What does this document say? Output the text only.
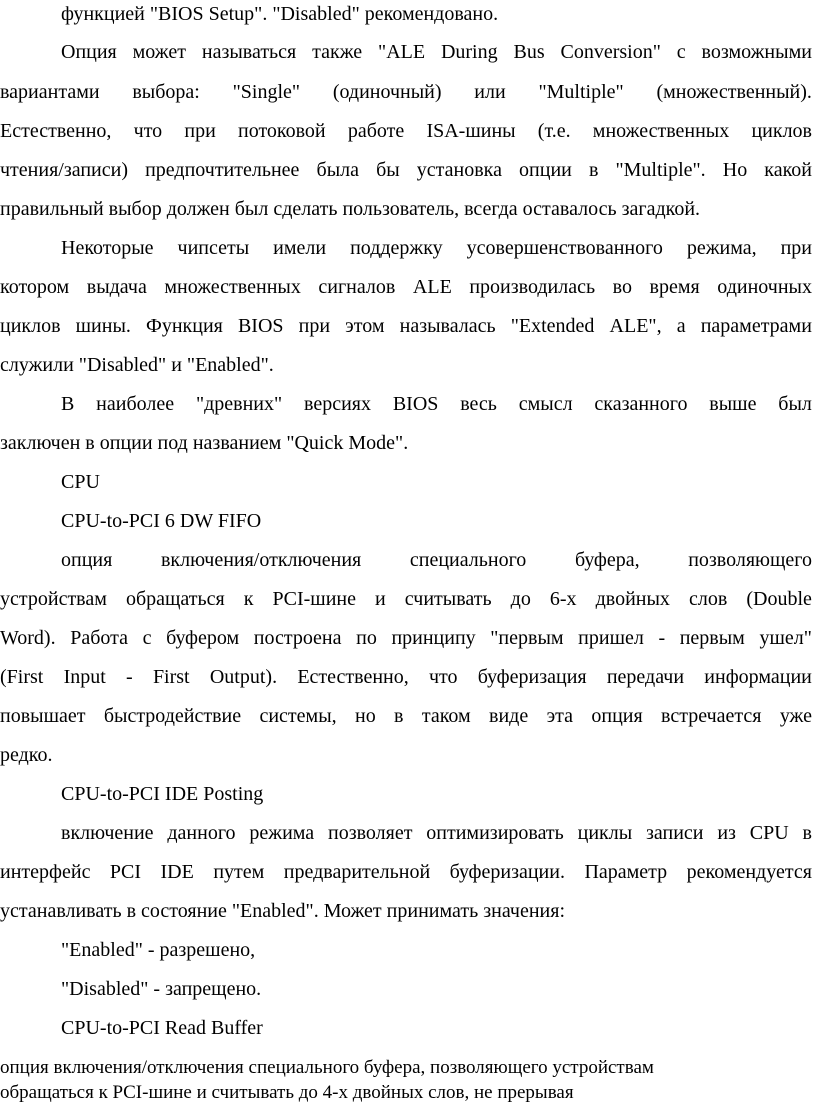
функцией "BIOS Setup". "Disabled" рекомендовано.
Опция может называться также "ALE During Bus Conversion" с возможными
вариантами выбора: "Single" (одиночный) или "Multiple" (множественный).
Естественно, что при потоковой работе ISA-шины (т.е. множественных циклов
чтения/записи) предпочтительнее была бы установка опции в "Multiple". Но какой
правильный выбор должен был сделать пользователь, всегда оставалось загадкой.
Некоторые чипсеты имели поддержку усовершенствованного режима, при
котором выдача множественных сигналов ALE производилась во время одиночных
циклов шины. Функция BIOS при этом называлась "Extended ALE", а параметрами
служили "Disabled" и "Enabled".
В наиболее "древних" версиях BIOS весь смысл сказанного выше был
заключен в опции под названием "Quick Mode".
CPU
CPU-to-PCI 6 DW FIFO
опция включения/отключения специального буфера, позволяющего
устройствам обращаться к PCI-шине и считывать до 6-х двойных слов (Double
Word). Работа с буфером построена по принципу "первым пришел - первым ушел"
(First Input - First Output). Естественно, что буферизация передачи информации
повышает быстродействие системы, но в таком виде эта опция встречается уже
редко.
CPU-to-PCI IDE Posting
включение данного режима позволяет оптимизировать циклы записи из CPU в
интерфейс PCI IDE путем предварительной буферизации. Параметр рекомендуется
устанавливать в состояние "Enabled". Может принимать значения:
"Enabled" - разрешено,
"Disabled" - запрещено.
CPU-to-PCI Read Buffer
опция включения/отключения специального буфера, позволяющего устройствам
обращаться к PCI-шине и считывать до 4-х двойных слов, не прерывая
